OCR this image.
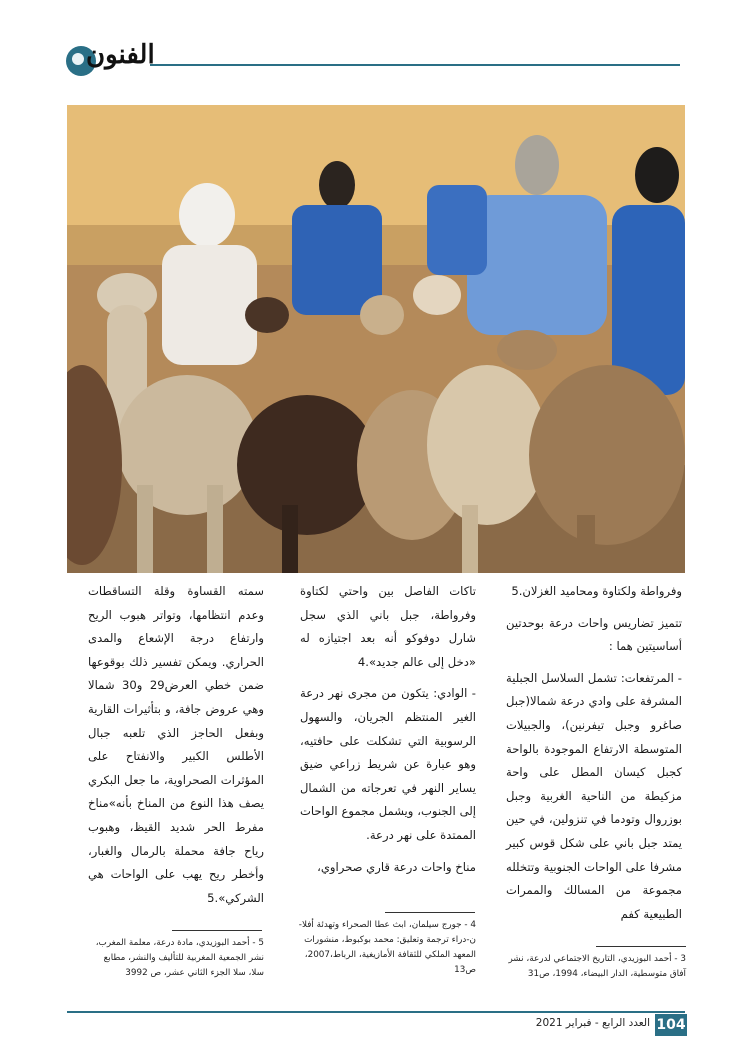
الفنون

وفرواطة ولكتاوة ومحاميد الغزلان.5

تتميز تضاريس واحات درعة بوحدتين أساسيتين هما :

- المرتفعات: تشمل السلاسل الجبلية المشرفة على وادي درعة شمالا(جبل صاغرو وجبل تيفرنين)، والجبيلات المتوسطة الارتفاع الموجودة بالواحة كجبل كيسان المطل على واحة مزكيطة من الناحية الغربية وجبل بوزروال وتودما في تنزولين، في حين يمتد جبل باني على شكل قوس كبير مشرفا على الواحات الجنوبية وتتخلله مجموعة من المسالك والممرات الطبيعية كفم

تاكات الفاصل بين واحتي لكتاوة وفرواطة، جبل باني الذي سجل شارل دوفوكو أنه بعد اجتيازه له «دخل إلى عالم جديد».4

- الوادي: يتكون من مجرى نهر درعة الغير المنتظم الجريان، والسهول الرسوبية التي تشكلت على حافتيه، وهو عبارة عن شريط زراعي ضيق يساير النهر في تعرجاته من الشمال إلى الجنوب، ويشمل مجموع الواحات الممتدة على نهر درعة.

مناخ واحات درعة قاري صحراوي،

سمته القساوة وقلة التساقطات وعدم انتظامها، وتواتر هبوب الريح وارتفاع درجة الإشعاع والمدى الحراري. ويمكن تفسير ذلك بوقوعها ضمن خطي العرض29 و30 شمالا وهي عروض جافة، و بتأثيرات القارية وبفعل الحاجز الذي تلعبه جبال الأطلس الكبير والانفتاح على المؤثرات الصحراوية، ما جعل البكري يصف هذا النوع من المناخ بأنه»مناخ مفرط الحر شديد القيظ، وهبوب رياح جافة محملة بالرمال والغبار، وأخطر ريح يهب على الواحات هي الشركي».5

3 - أحمد البوزيدي، التاريخ الاجتماعي لدرعة، نشر آفاق متوسطية، الدار البيضاء، 1994، ص31
4 - جورج سيلمان، ابث عطا الصحراء وتهدئة أفلا-ن-دراء ترجمة وتعليق: محمد بوكبوط، منشورات المعهد الملكي للثقافة الأمازيغية، الرباط،2007، ص13
5 - أحمد البوزيدي، مادة درعة، معلمة المغرب، نشر الجمعية المغربية للتأليف والنشر، مطابع سلا، سلا الجزء الثاني عشر، ص 3992
104
العدد الرابع - فبراير 2021
